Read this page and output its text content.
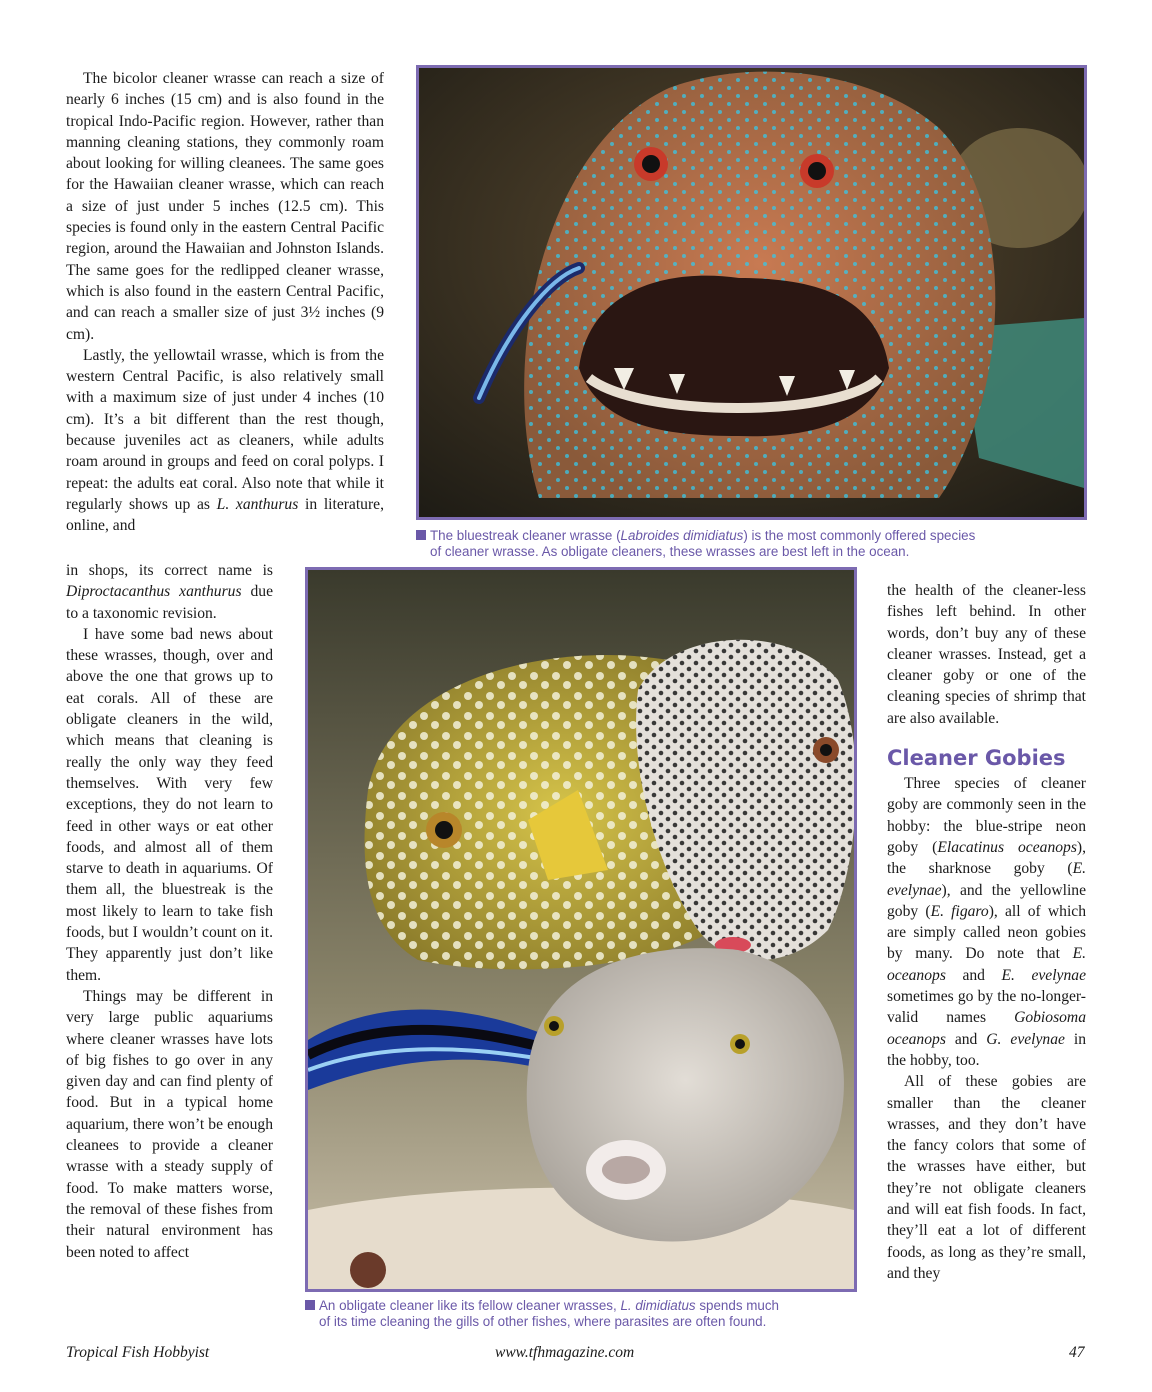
The bicolor cleaner wrasse can reach a size of nearly 6 inches (15 cm) and is also found in the tropical Indo-Pacific region. However, rather than manning cleaning stations, they commonly roam about looking for willing cleanees. The same goes for the Hawaiian cleaner wrasse, which can reach a size of just under 5 inches (12.5 cm). This species is found only in the eastern Central Pacific region, around the Hawaiian and Johnston Islands. The same goes for the redlipped cleaner wrasse, which is also found in the eastern Central Pacific, and can reach a smaller size of just 3½ inches (9 cm).

Lastly, the yellowtail wrasse, which is from the western Central Pacific, is also relatively small with a maximum size of just under 4 inches (10 cm). It’s a bit different than the rest though, because juveniles act as cleaners, while adults roam around in groups and feed on coral polyps. I repeat: the adults eat coral. Also note that while it regularly shows up as L. xanthurus in literature, online, and

The bluestreak cleaner wrasse (Labroides dimidiatus) is the most commonly offered species
of cleaner wrasse. As obligate cleaners, these wrasses are best left in the ocean.

in shops, its correct name is Diproctacanthus xanthurus due to a taxonomic revision.

I have some bad news about these wrasses, though, over and above the one that grows up to eat corals. All of these are obligate cleaners in the wild, which means that cleaning is really the only way they feed themselves. With very few exceptions, they do not learn to feed in other ways or eat other foods, and almost all of them starve to death in aquariums. Of them all, the bluestreak is the most likely to learn to take fish foods, but I wouldn’t count on it. They apparently just don’t like them.

Things may be different in very large public aquariums where cleaner wrasses have lots of big fishes to go over in any given day and can find plenty of food. But in a typical home aquarium, there won’t be enough cleanees to provide a cleaner wrasse with a steady supply of food. To make matters worse, the removal of these fishes from their natural environment has been noted to affect

An obligate cleaner like its fellow cleaner wrasses, L. dimidiatus spends much
of its time cleaning the gills of other fishes, where parasites are often found.

the health of the cleaner-less fishes left behind. In other words, don’t buy any of these cleaner wrasses. Instead, get a cleaner goby or one of the cleaning species of shrimp that are also available.

Cleaner Gobies

Three species of cleaner goby are commonly seen in the hobby: the blue-stripe neon goby (Elacatinus oceanops), the sharknose goby (E. evelynae), and the yellowline goby (E. figaro), all of which are simply called neon gobies by many. Do note that E. oceanops and E. evelynae sometimes go by the no-longer-valid names Gobiosoma oceanops and G. evelynae in the hobby, too.

All of these gobies are smaller than the cleaner wrasses, and they don’t have the fancy colors that some of the wrasses have either, but they’re not obligate cleaners and will eat fish foods. In fact, they’ll eat a lot of different foods, as long as they’re small, and they

Tropical Fish Hobbyist	www.tfhmagazine.com	47
